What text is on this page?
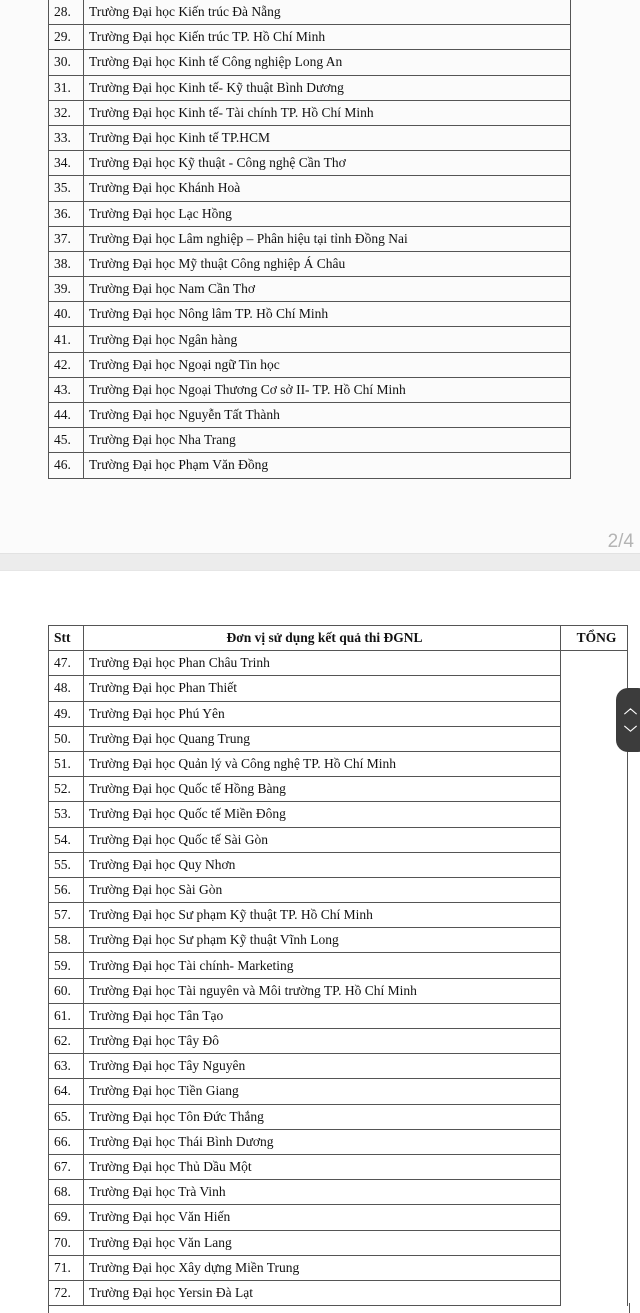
28.	Trường Đại học Kiến trúc Đà Nẵng
29.	Trường Đại học Kiến trúc TP. Hồ Chí Minh
30.	Trường Đại học Kinh tế Công nghiệp Long An
31.	Trường Đại học Kinh tế- Kỹ thuật Bình Dương
32.	Trường Đại học Kinh tế- Tài chính TP. Hồ Chí Minh
33.	Trường Đại học Kinh tế TP.HCM
34.	Trường Đại học Kỹ thuật - Công nghệ Cần Thơ
35.	Trường Đại học Khánh Hoà
36.	Trường Đại học Lạc Hồng
37.	Trường Đại học Lâm nghiệp – Phân hiệu tại tỉnh Đồng Nai
38.	Trường Đại học Mỹ thuật Công nghiệp Á Châu
39.	Trường Đại học Nam Cần Thơ
40.	Trường Đại học Nông lâm TP. Hồ Chí Minh
41.	Trường Đại học Ngân hàng
42.	Trường Đại học Ngoại ngữ Tin học
43.	Trường Đại học Ngoại Thương Cơ sở II- TP. Hồ Chí Minh
44.	Trường Đại học Nguyễn Tất Thành
45.	Trường Đại học Nha Trang
46.	Trường Đại học Phạm Văn Đồng
2/4
Stt	Đơn vị sử dụng kết quả thi ĐGNL	TỔNG
47.	Trường Đại học Phan Châu Trinh	
48.	Trường Đại học Phan Thiết	
49.	Trường Đại học Phú Yên	
50.	Trường Đại học Quang Trung	
51.	Trường Đại học Quản lý và Công nghệ TP. Hồ Chí Minh	
52.	Trường Đại học Quốc tế Hồng Bàng	
53.	Trường Đại học Quốc tế Miền Đông	
54.	Trường Đại học Quốc tế Sài Gòn	
55.	Trường Đại học Quy Nhơn	
56.	Trường Đại học Sài Gòn	
57.	Trường Đại học Sư phạm Kỹ thuật TP. Hồ Chí Minh	
58.	Trường Đại học Sư phạm Kỹ thuật Vĩnh Long	
59.	Trường Đại học Tài chính- Marketing	
60.	Trường Đại học Tài nguyên và Môi trường TP. Hồ Chí Minh	
61.	Trường Đại học Tân Tạo	
62.	Trường Đại học Tây Đô	
63.	Trường Đại học Tây Nguyên	
64.	Trường Đại học Tiền Giang	
65.	Trường Đại học Tôn Đức Thắng	
66.	Trường Đại học Thái Bình Dương	
67.	Trường Đại học Thủ Dầu Một	
68.	Trường Đại học Trà Vinh	
69.	Trường Đại học Văn Hiến	
70.	Trường Đại học Văn Lang	
71.	Trường Đại học Xây dựng Miền Trung	
72.	Trường Đại học Yersin Đà Lạt	
︿
﹀
